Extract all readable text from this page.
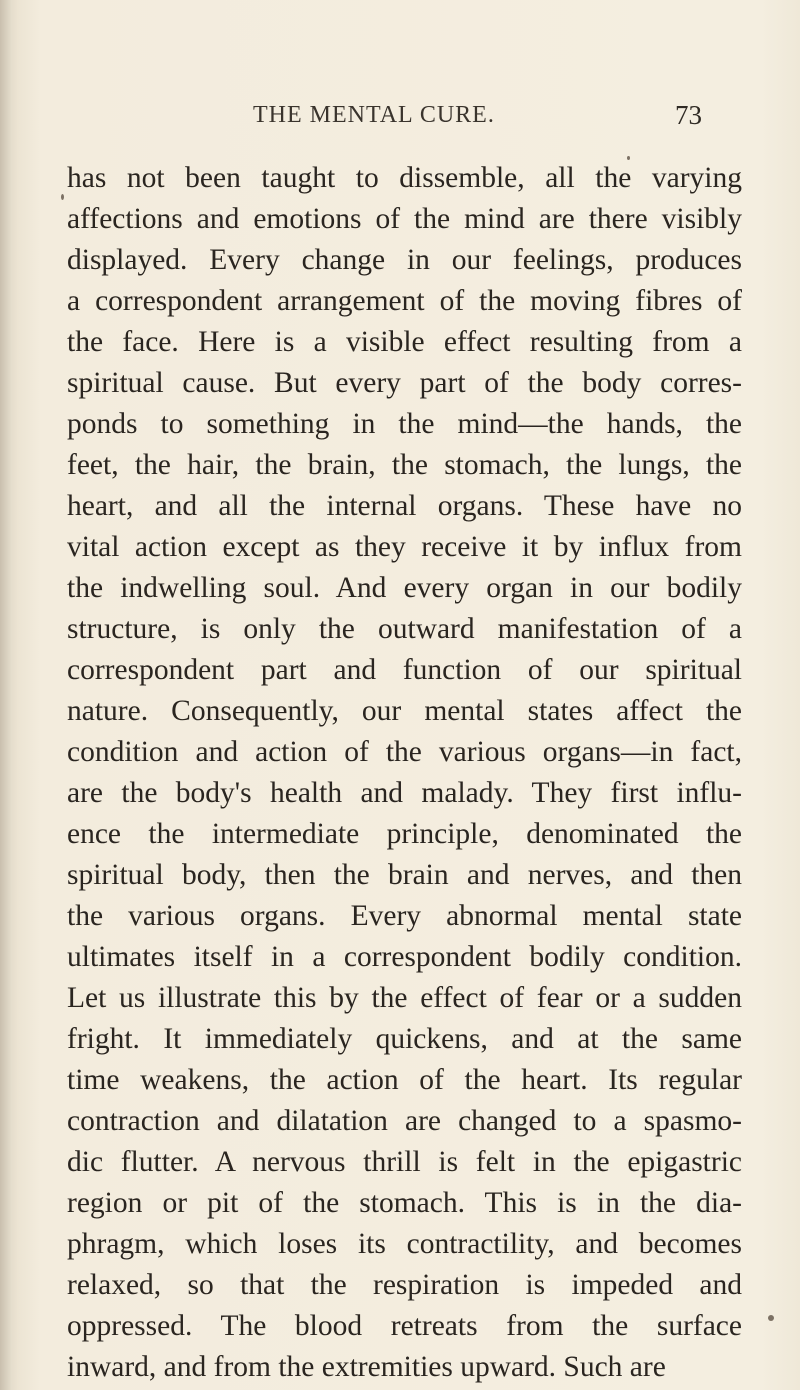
THE MENTAL CURE.	73
has not been taught to dissemble, all the varying
affections and emotions of the mind are there visibly
displayed. Every change in our feelings, produces
a correspondent arrangement of the moving fibres of
the face. Here is a visible effect resulting from a
spiritual cause. But every part of the body corres-
ponds to something in the mind—the hands, the
feet, the hair, the brain, the stomach, the lungs, the
heart, and all the internal organs. These have no
vital action except as they receive it by influx from
the indwelling soul. And every organ in our bodily
structure, is only the outward manifestation of a
correspondent part and function of our spiritual
nature. Consequently, our mental states affect the
condition and action of the various organs—in fact,
are the body's health and malady. They first influ-
ence the intermediate principle, denominated the
spiritual body, then the brain and nerves, and then
the various organs. Every abnormal mental state
ultimates itself in a correspondent bodily condition.
Let us illustrate this by the effect of fear or a sudden
fright. It immediately quickens, and at the same
time weakens, the action of the heart. Its regular
contraction and dilatation are changed to a spasmo-
dic flutter. A nervous thrill is felt in the epigastric
region or pit of the stomach. This is in the dia-
phragm, which loses its contractility, and becomes
relaxed, so that the respiration is impeded and
oppressed. The blood retreats from the surface
inward, and from the extremities upward. Such are
